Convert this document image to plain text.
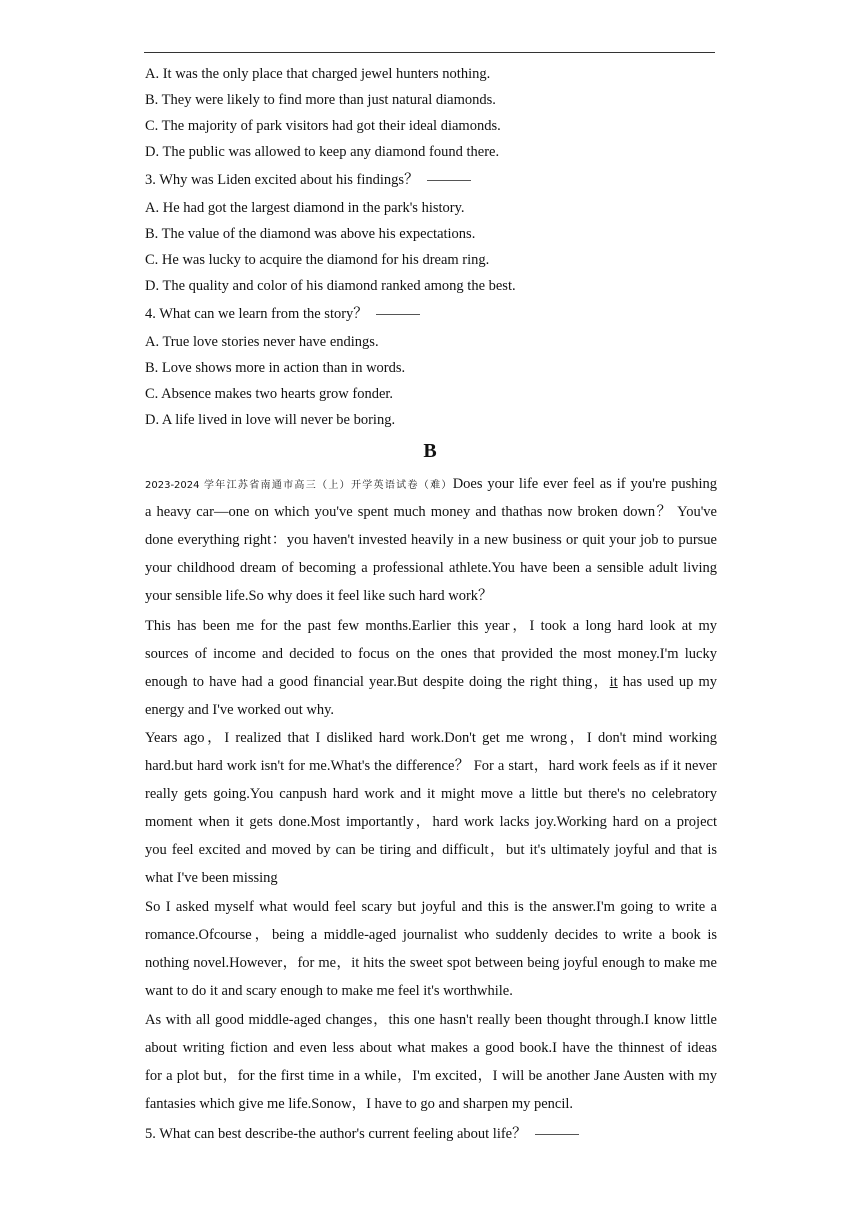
A. It was the only place that charged jewel hunters nothing.
B. They were likely to find more than just natural diamonds.
C. The majority of park visitors had got their ideal diamonds.
D. The public was allowed to keep any diamond found there.
3. Why was Liden excited about his findings？
A. He had got the largest diamond in the park's history.
B. The value of the diamond was above his expectations.
C. He was lucky to acquire the diamond for his dream ring.
D. The quality and color of his diamond ranked among the best.
4. What can we learn from the story？
A. True love stories never have endings.
B. Love shows more in action than in words.
C. Absence makes two hearts grow fonder.
D. A life lived in love will never be boring.
B
2023-2024 学年江苏省南通市高三（上）开学英语试卷（难）Does your life ever feel as if you're pushing
a heavy car—one on which you've spent much money and thathas now broken down？ You've
done everything right：you haven't invested heavily in a new business or quit your job to pursue
your childhood dream of becoming a professional athlete.You have been a sensible adult living
your sensible life.So why does it feel like such hard work？
This has been me for the past few months.Earlier this year，I took a long hard look at my
sources of income and decided to focus on the ones that provided the most money.I'm lucky
enough to have had a good financial year.But despite doing the right thing，it has used up my
energy and I've worked out why.
Years ago，I realized that I disliked hard work.Don't get me wrong，I don't mind working
hard.but hard work isn't for me.What's the difference？ For a start，hard work feels as if it never
really gets going.You canpush hard work and it might move a little but there's no celebratory
moment when it gets done.Most importantly，hard work lacks joy.Working hard on a project
you feel excited and moved by can be tiring and difficult，but it's ultimately joyful and that is
what I've been missing
So I asked myself what would feel scary but joyful and this is the answer.I'm going to write a
romance.Ofcourse，being a middle-aged journalist who suddenly decides to write a book is
nothing novel.However，for me，it hits the sweet spot between being joyful enough to make me
want to do it and scary enough to make me feel it's worthwhile.
As with all good middle-aged changes，this one hasn't really been thought through.I know little
about writing fiction and even less about what makes a good book.I have the thinnest of ideas
for a plot but，for the first time in a while，I'm excited，I will be another Jane Austen with my
fantasies which give me life.Sonow，I have to go and sharpen my pencil.
5. What can best describe-the author's current feeling about life？
